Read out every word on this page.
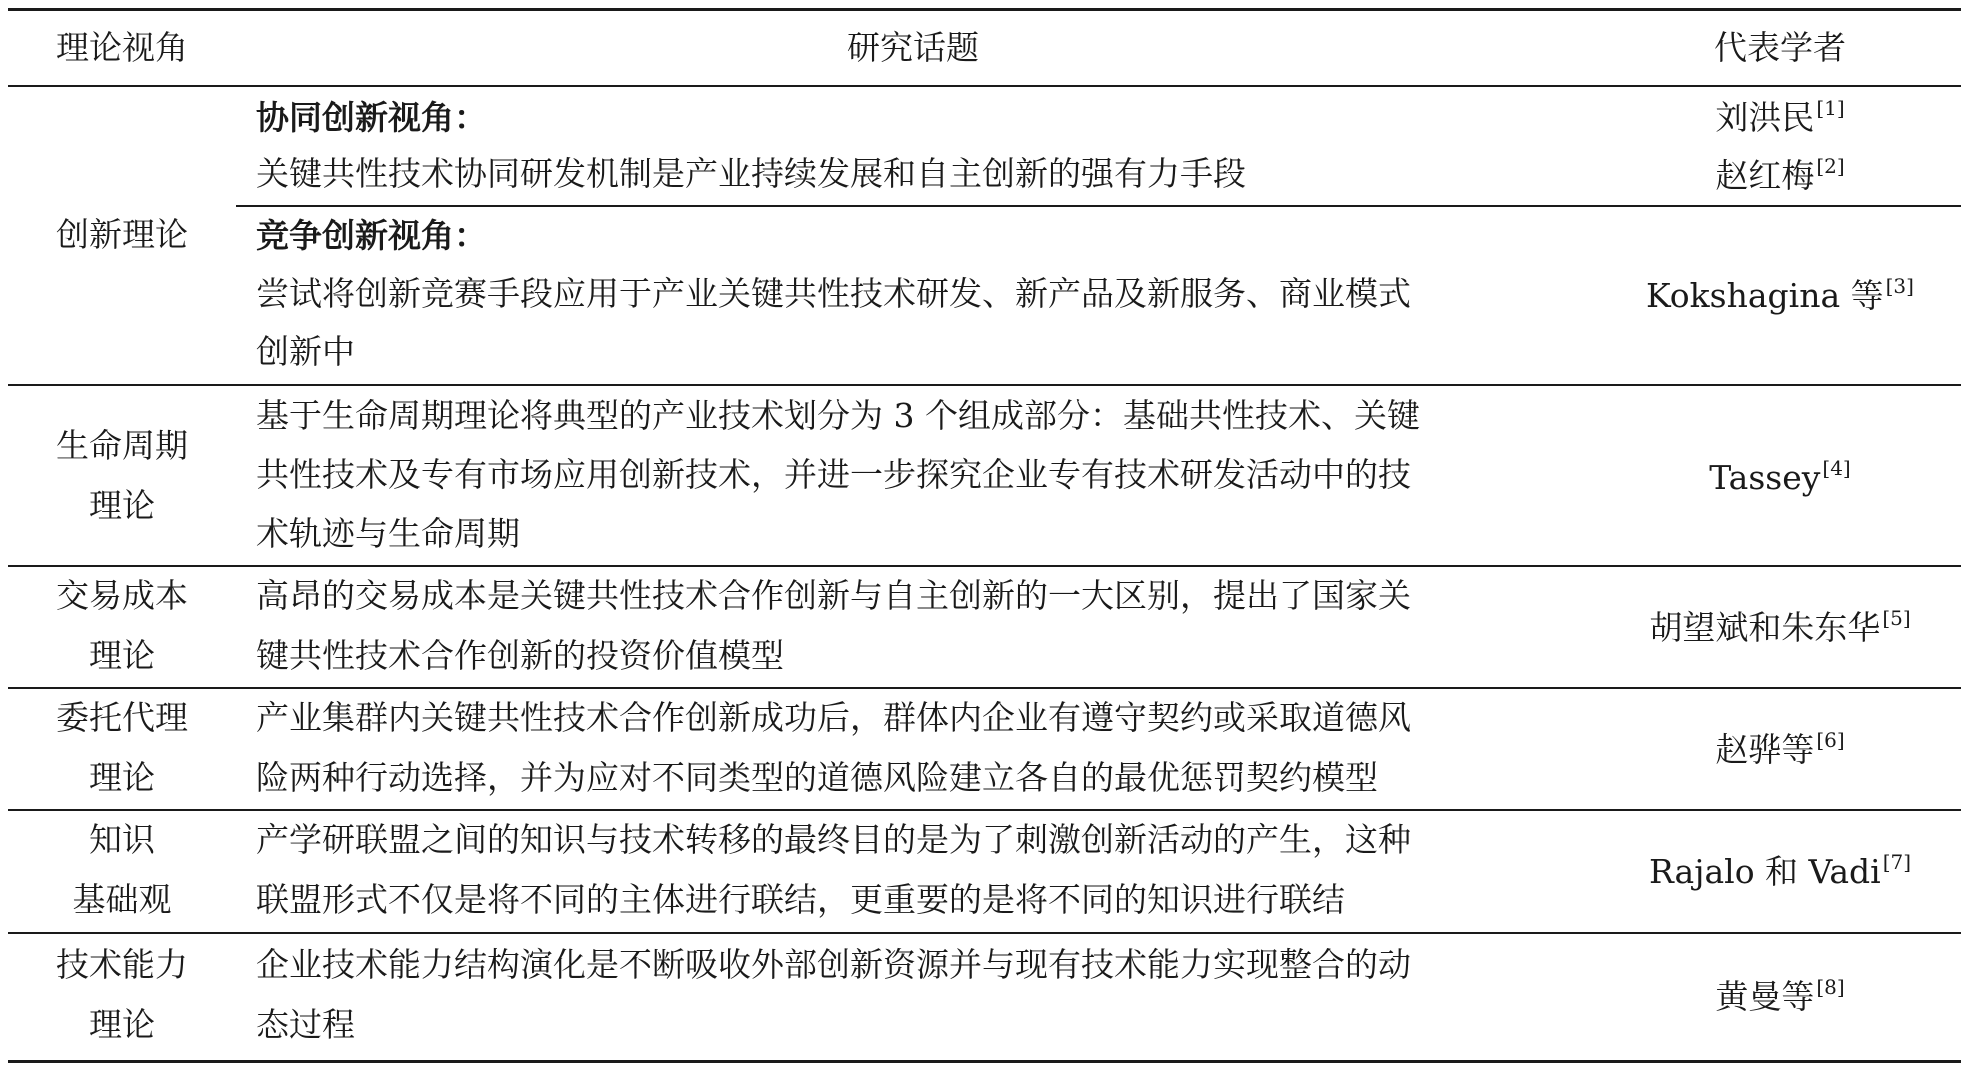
理论视角	研究话题	代表学者
创新理论
协同创新视角：
关键共性技术协同研发机制是产业持续发展和自主创新的强有力手段
刘洪民 [1]
赵红梅 [2]
竞争创新视角：
尝试将创新竞赛手段应用于产业关键共性技术研发、新产品及新服务、商业模式
创新中
Kokshagina 等 [3]
生命周期
理论
基于生命周期理论将典型的产业技术划分为 3 个组成部分：基础共性技术、关键
共性技术及专有市场应用创新技术，并进一步探究企业专有技术研发活动中的技
术轨迹与生命周期
Tassey [4]
交易成本
理论
高昂的交易成本是关键共性技术合作创新与自主创新的一大区别，提出了国家关
键共性技术合作创新的投资价值模型
胡望斌和朱东华 [5]
委托代理
理论
产业集群内关键共性技术合作创新成功后，群体内企业有遵守契约或采取道德风
险两种行动选择，并为应对不同类型的道德风险建立各自的最优惩罚契约模型
赵骅等 [6]
知识
基础观
产学研联盟之间的知识与技术转移的最终目的是为了刺激创新活动的产生，这种
联盟形式不仅是将不同的主体进行联结，更重要的是将不同的知识进行联结
Rajalo 和 Vadi [7]
技术能力
理论
企业技术能力结构演化是不断吸收外部创新资源并与现有技术能力实现整合的动
态过程
黄曼等 [8]
